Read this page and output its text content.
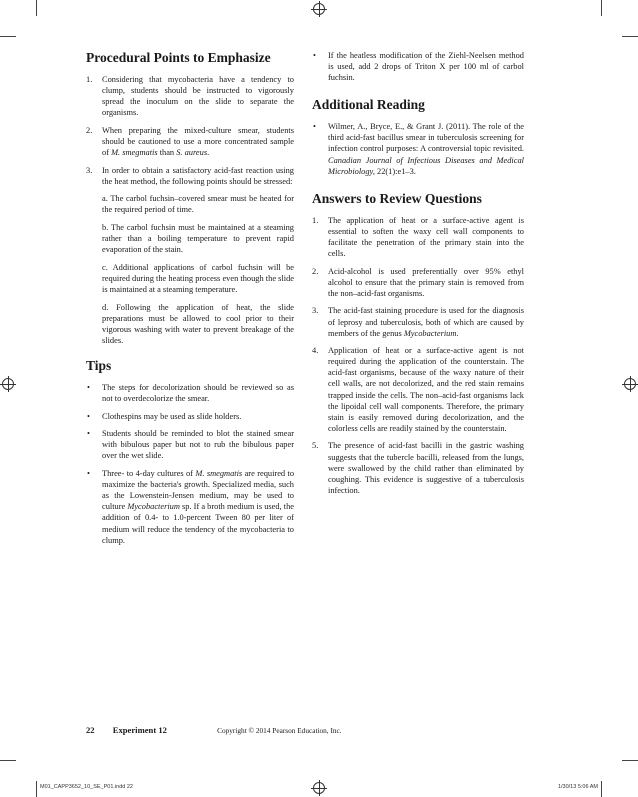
Procedural Points to Emphasize
1. Considering that mycobacteria have a tendency to clump, students should be instructed to vigorously spread the inoculum on the slide to separate the organisms.
2. When preparing the mixed-culture smear, students should be cautioned to use a more concentrated sample of M. smegmatis than S. aureus.
3. In order to obtain a satisfactory acid-fast reaction using the heat method, the following points should be stressed:
a. The carbol fuchsin–covered smear must be heated for the required period of time.
b. The carbol fuchsin must be maintained at a steaming rather than a boiling temperature to prevent rapid evaporation of the stain.
c. Additional applications of carbol fuchsin will be required during the heating process even though the slide is maintained at a steaming temperature.
d. Following the application of heat, the slide preparations must be allowed to cool prior to their vigorous washing with water to prevent breakage of the slides.
Tips
• The steps for decolorization should be reviewed so as not to overdecolorize the smear.
• Clothespins may be used as slide holders.
• Students should be reminded to blot the stained smear with bibulous paper but not to rub the bibulous paper over the wet slide.
• Three- to 4-day cultures of M. smegmatis are required to maximize the bacteria's growth. Specialized media, such as the Lowenstein-Jensen medium, may be used to culture Mycobacterium sp. If a broth medium is used, the addition of 0.4- to 1.0-percent Tween 80 per liter of medium will reduce the tendency of the mycobacteria to clump.
• If the heatless modification of the Ziehl-Neelsen method is used, add 2 drops of Triton X per 100 ml of carbol fuchsin.
Additional Reading
• Wilmer, A., Bryce, E., & Grant J. (2011). The role of the third acid-fast bacillus smear in tuberculosis screening for infection control purposes: A controversial topic revisited. Canadian Journal of Infectious Diseases and Medical Microbiology, 22(1):e1–3.
Answers to Review Questions
1. The application of heat or a surface-active agent is essential to soften the waxy cell wall components to facilitate the penetration of the primary stain into the cells.
2. Acid-alcohol is used preferentially over 95% ethyl alcohol to ensure that the primary stain is removed from the non–acid-fast organisms.
3. The acid-fast staining procedure is used for the diagnosis of leprosy and tuberculosis, both of which are caused by members of the genus Mycobacterium.
4. Application of heat or a surface-active agent is not required during the application of the counterstain. The acid-fast organisms, because of the waxy nature of their cell walls, are not decolorized, and the red stain remains trapped inside the cells. The non–acid-fast organisms lack the lipoidal cell wall components. Therefore, the primary stain is easily removed during decolorization, and the colorless cells are readily stained by the counterstain.
5. The presence of acid-fast bacilli in the gastric washing suggests that the tubercle bacilli, released from the lungs, were swallowed by the child rather than eliminated by coughing. This evidence is suggestive of a tuberculosis infection.
22 Experiment 12	Copyright © 2014 Pearson Education, Inc.
M01_CAPP3652_10_SE_P01.indd 22	1/30/13 5:06 AM
